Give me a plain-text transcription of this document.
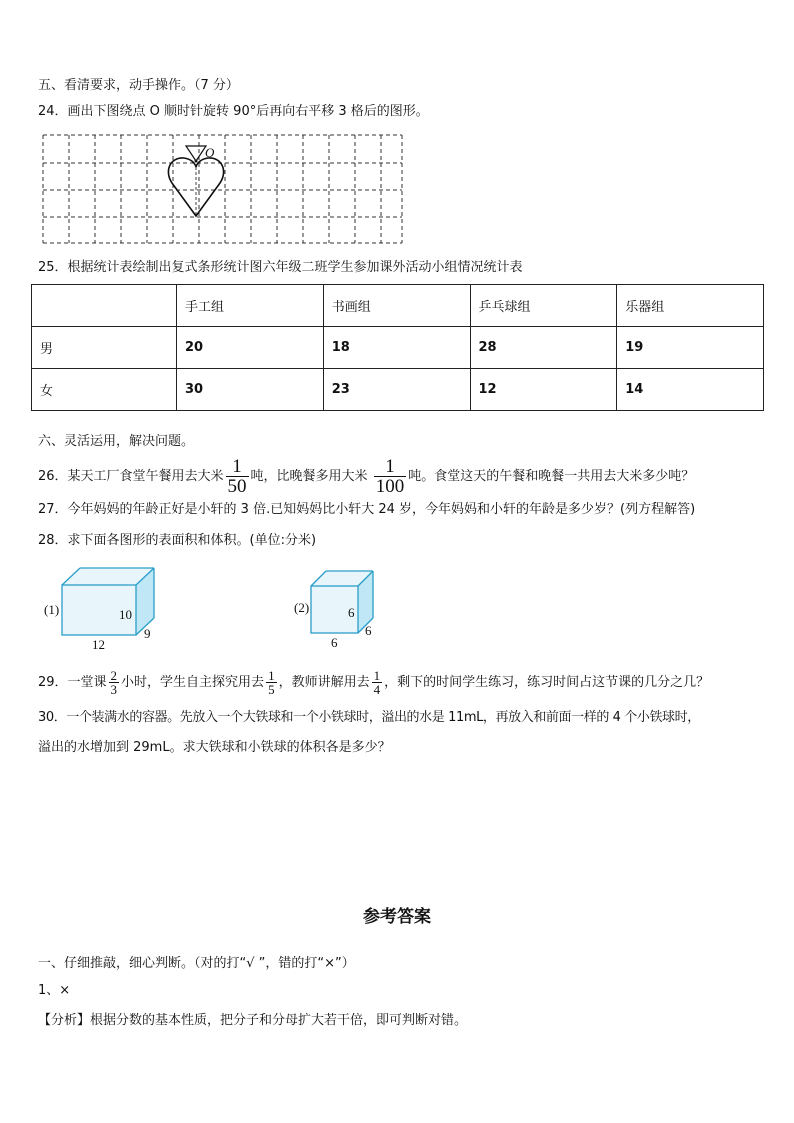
五、看清要求，动手操作。（7 分）
24．画出下图绕点 O 顺时针旋转 90°后再向右平移 3 格后的图形。
O
25．根据统计表绘制出复式条形统计图六年级二班学生参加课外活动小组情况统计表
	手工组	书画组	乒乓球组	乐器组
男	20	18	28	19
女	30	23	12	14
六、灵活运用，解决问题。
26．某天工厂食堂午餐用去大米 $\frac{1}{50}$ 吨，比晚餐多用大米 $\frac{1}{100}$ 吨。食堂这天的午餐和晚餐一共用去大米多少吨？
27．今年妈妈的年龄正好是小轩的 3 倍.已知妈妈比小轩大 24 岁，今年妈妈和小轩的年龄是多少岁？(列方程解答)
28．求下面各图形的表面积和体积。(单位:分米)
(1)	10
9
12
(2)	6
6
6
29．一堂课 $\frac{2}{3}$ 小时，学生自主探究用去 $\frac{1}{5}$ ，教师讲解用去 $\frac{1}{4}$ ，剩下的时间学生练习，练习时间占这节课的几分之几？
30．一个装满水的容器。先放入一个大铁球和一个小铁球时，溢出的水是 11mL，再放入和前面一样的 4 个小铁球时，
溢出的水增加到 29mL。求大铁球和小铁球的体积各是多少？
参考答案
一、仔细推敲，细心判断。（对的打“√ ”，错的打“×”）
1、×
【分析】根据分数的基本性质，把分子和分母扩大若干倍，即可判断对错。
